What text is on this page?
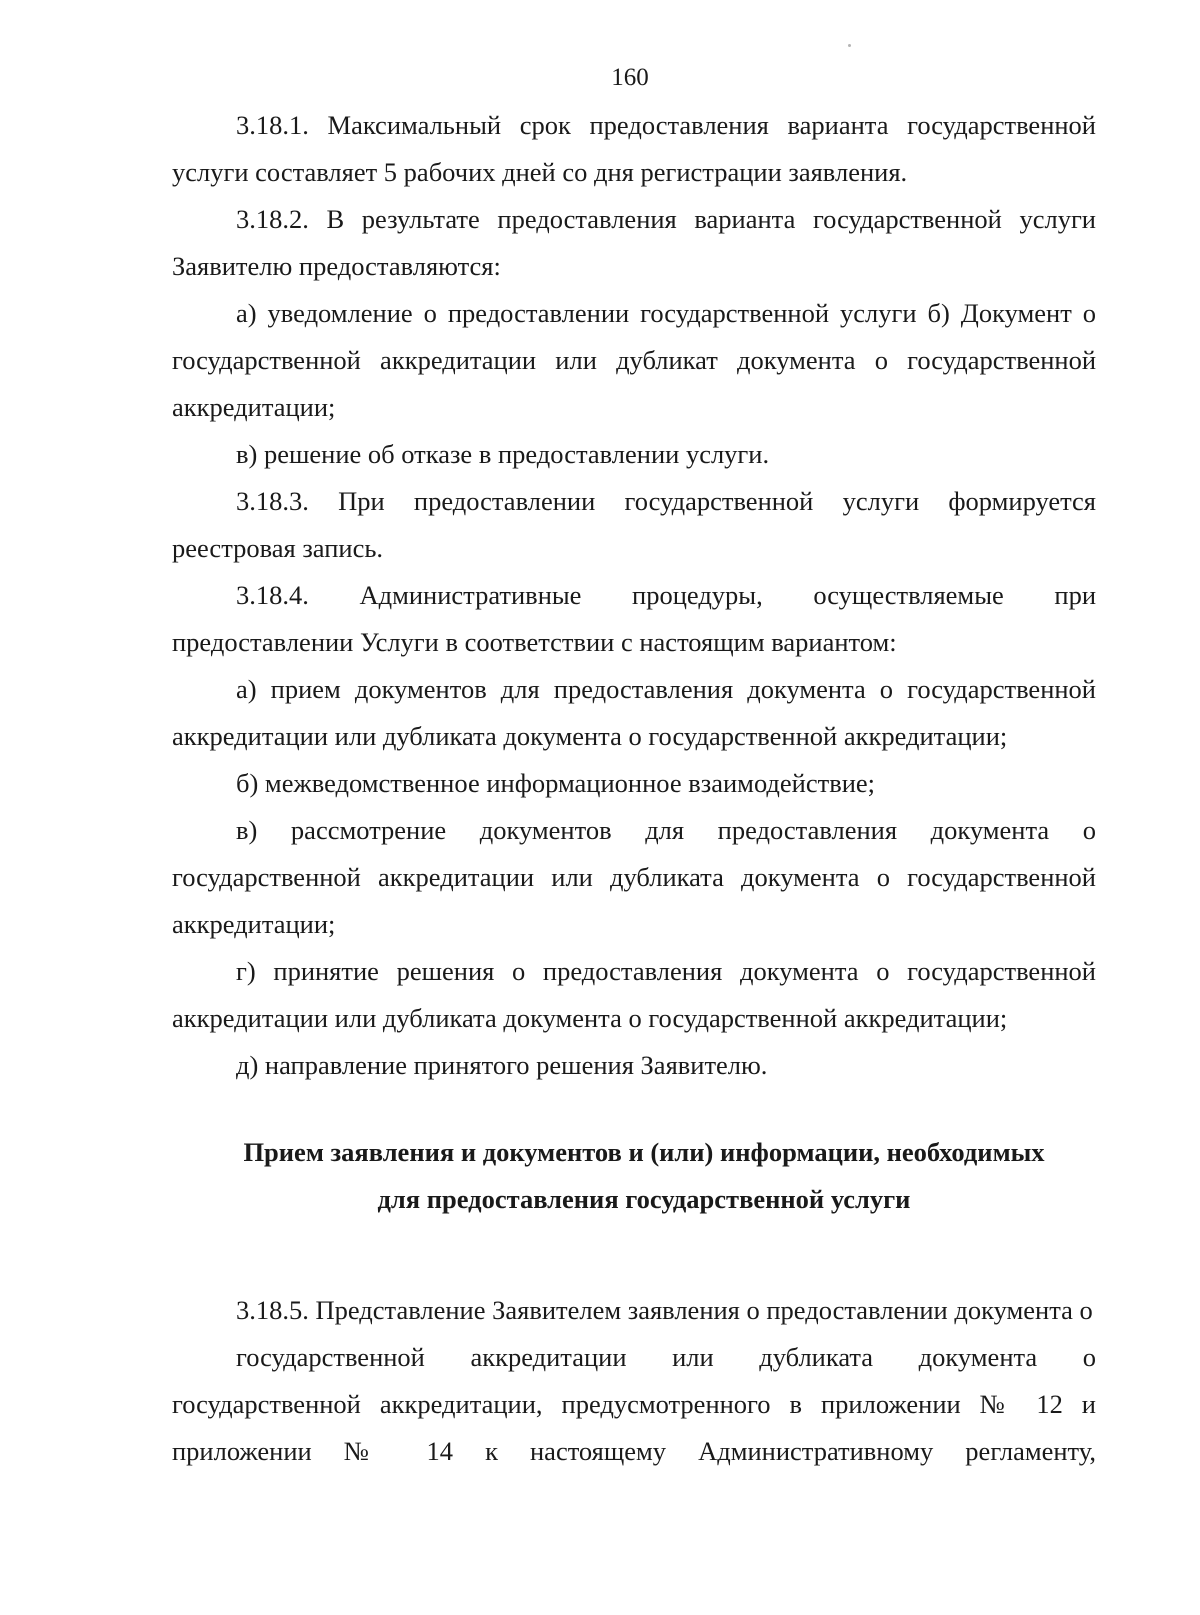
160

3.18.1. Максимальный срок предоставления варианта государственной услуги составляет 5 рабочих дней со дня регистрации заявления.

3.18.2. В результате предоставления варианта государственной услуги Заявителю предоставляются:

а) уведомление о предоставлении государственной услуги б) Документ о государственной аккредитации или дубликат документа о государственной аккредитации;

в) решение об отказе в предоставлении услуги.

3.18.3. При предоставлении государственной услуги формируется реестровая запись.

3.18.4. Административные процедуры, осуществляемые при предоставлении Услуги в соответствии с настоящим вариантом:

а) прием документов для предоставления документа о государственной аккредитации или дубликата документа о государственной аккредитации;

б) межведомственное информационное взаимодействие;

в) рассмотрение документов для предоставления документа о государственной аккредитации или дубликата документа о государственной аккредитации;

г) принятие решения о предоставления документа о государственной аккредитации или дубликата документа о государственной аккредитации;

д) направление принятого решения Заявителю.

Прием заявления и документов и (или) информации, необходимых

для предоставления государственной услуги

3.18.5. Представление Заявителем заявления о предоставлении документа о

государственной аккредитации или дубликата документа о

государственной аккредитации, предусмотренного в приложении № 12 и

приложении № 14 к настоящему Административному регламенту,
